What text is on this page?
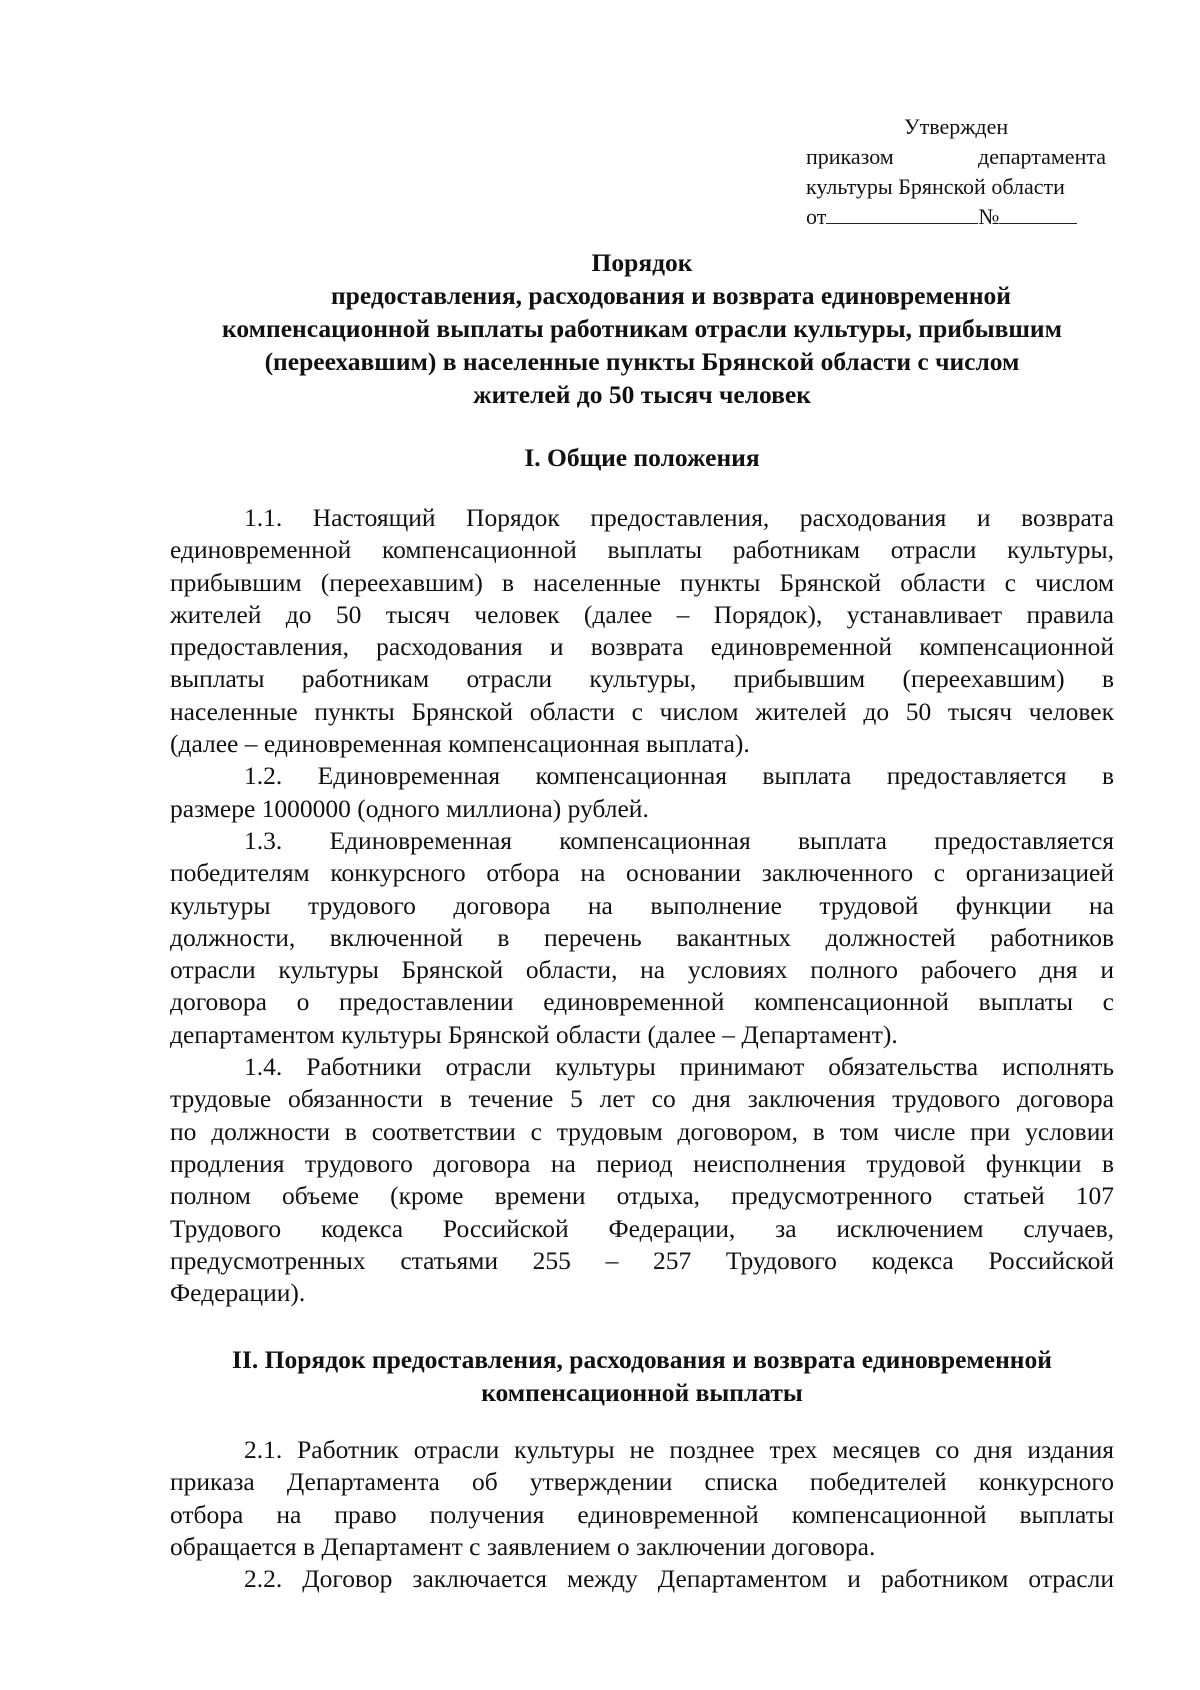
Утвержден
приказом	департамента
культуры Брянской области
от	№
Порядок
предоставления, расходования и возврата единовременной
компенсационной выплаты работникам отрасли культуры, прибывшим
(переехавшим) в населенные пункты Брянской области с числом
жителей до 50 тысяч человек
I. Общие положения
1.1. Настоящий Порядок предоставления, расходования и возврата
единовременной компенсационной выплаты работникам отрасли культуры,
прибывшим (переехавшим) в населенные пункты Брянской области с числом
жителей до 50 тысяч человек (далее – Порядок), устанавливает правила
предоставления, расходования и возврата единовременной компенсационной
выплаты работникам отрасли культуры, прибывшим (переехавшим) в
населенные пункты Брянской области с числом жителей до 50 тысяч человек
(далее – единовременная компенсационная выплата).
1.2. Единовременная компенсационная выплата предоставляется в
размере 1000000 (одного миллиона) рублей.
1.3. Единовременная компенсационная выплата предоставляется
победителям конкурсного отбора на основании заключенного с организацией
культуры трудового договора на выполнение трудовой функции на
должности, включенной в перечень вакантных должностей работников
отрасли культуры Брянской области, на условиях полного рабочего дня и
договора о предоставлении единовременной компенсационной выплаты с
департаментом культуры Брянской области (далее – Департамент).
1.4. Работники отрасли культуры принимают обязательства исполнять
трудовые обязанности в течение 5 лет со дня заключения трудового договора
по должности в соответствии с трудовым договором, в том числе при условии
продления трудового договора на период неисполнения трудовой функции в
полном объеме (кроме времени отдыха, предусмотренного статьей 107
Трудового кодекса Российской Федерации, за исключением случаев,
предусмотренных статьями 255 – 257 Трудового кодекса Российской
Федерации).
II. Порядок предоставления, расходования и возврата единовременной
компенсационной выплаты
2.1. Работник отрасли культуры не позднее трех месяцев со дня издания
приказа Департамента об утверждении списка победителей конкурсного
отбора на право получения единовременной компенсационной выплаты
обращается в Департамент с заявлением о заключении договора.
2.2. Договор заключается между Департаментом и работником отрасли
